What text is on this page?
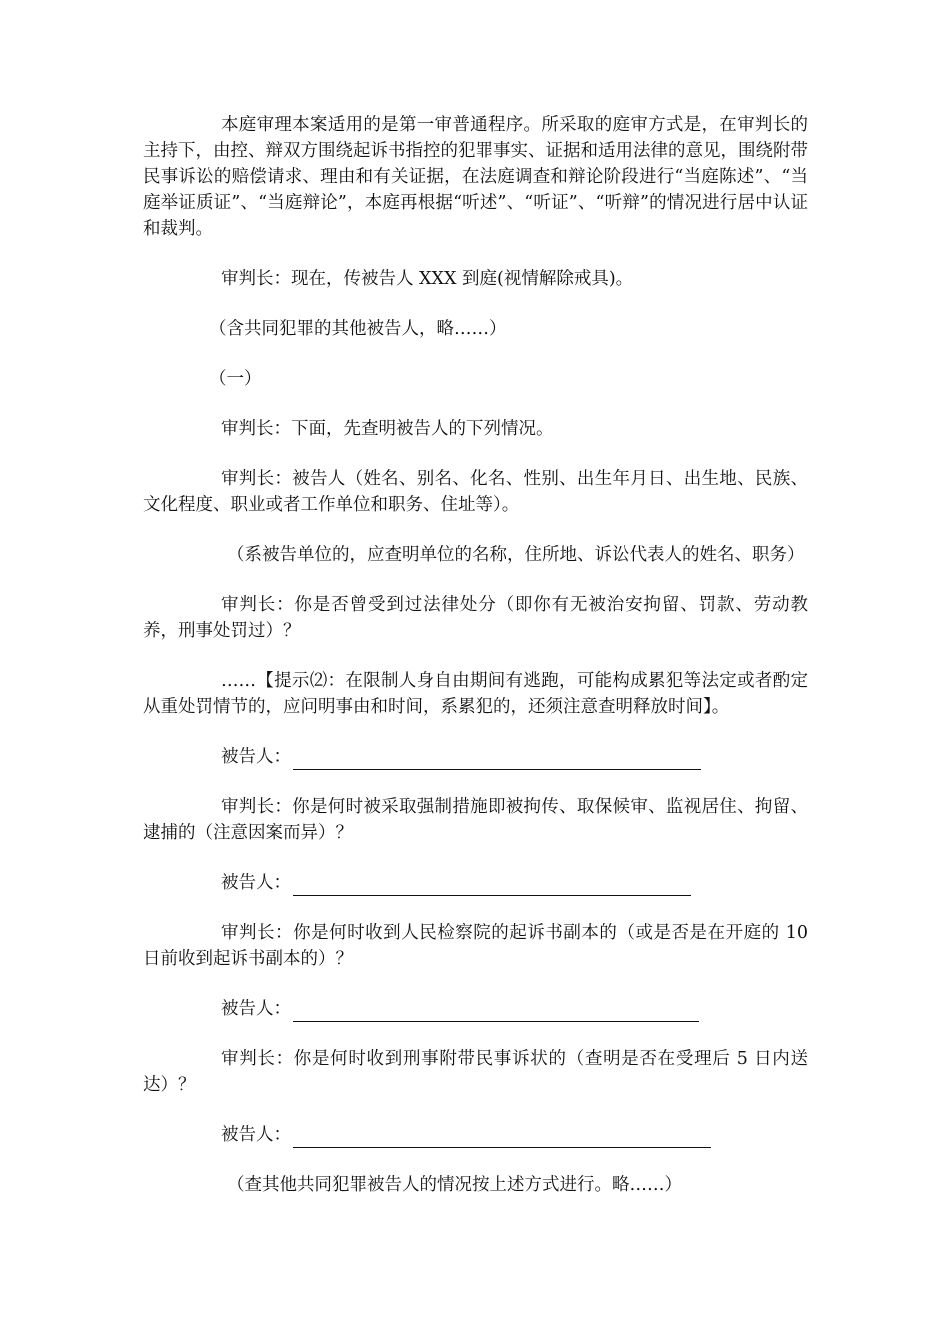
本庭审理本案适用的是第一审普通程序。所采取的庭审方式是，在审判长的主持下，由控、辩双方围绕起诉书指控的犯罪事实、证据和适用法律的意见，围绕附带民事诉讼的赔偿请求、理由和有关证据，在法庭调查和辩论阶段进行“当庭陈述”、“当庭举证质证”、“当庭辩论”，本庭再根据“听述”、“听证”、“听辩”的情况进行居中认证和裁判。

审判长：现在，传被告人 XXX 到庭(视情解除戒具)。

（含共同犯罪的其他被告人，略……）

（一）

审判长：下面，先查明被告人的下列情况。

审判长：被告人（姓名、别名、化名、性别、出生年月日、出生地、民族、文化程度、职业或者工作单位和职务、住址等）。

（系被告单位的，应查明单位的名称，住所地、诉讼代表人的姓名、职务）

审判长：你是否曾受到过法律处分（即你有无被治安拘留、罚款、劳动教养，刑事处罚过）？

……【提示⑵：在限制人身自由期间有逃跑，可能构成累犯等法定或者酌定从重处罚情节的，应问明事由和时间，系累犯的，还须注意查明释放时间】。

被告人：

审判长：你是何时被采取强制措施即被拘传、取保候审、监视居住、拘留、逮捕的（注意因案而异）？

被告人：

审判长：你是何时收到人民检察院的起诉书副本的（或是否是在开庭的 10 日前收到起诉书副本的）？

被告人：

审判长：你是何时收到刑事附带民事诉状的（查明是否在受理后 5 日内送达）？

被告人：

（查其他共同犯罪被告人的情况按上述方式进行。略……）
